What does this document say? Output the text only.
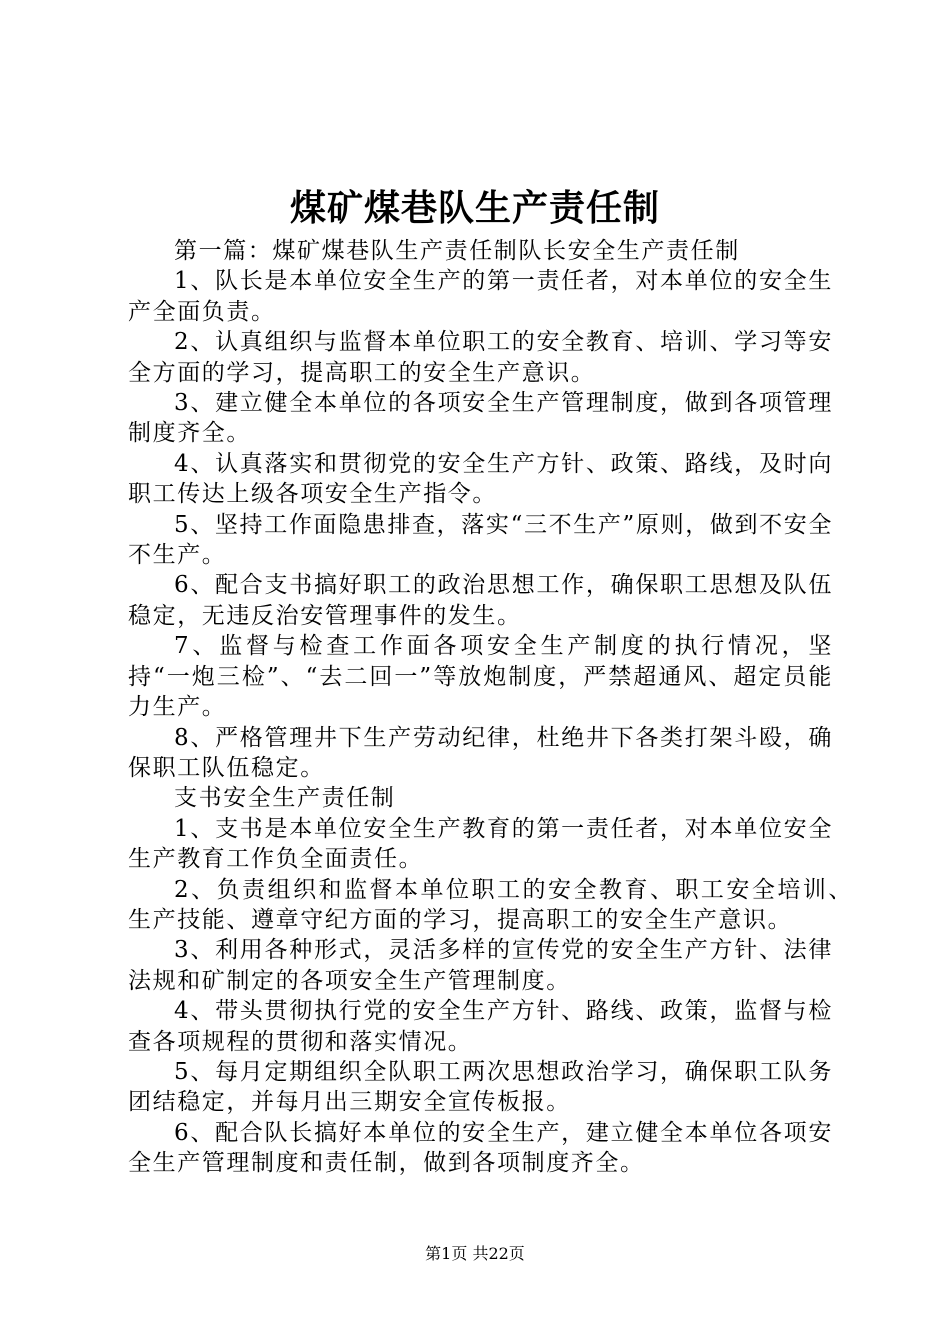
煤矿煤巷队生产责任制

第一篇：煤矿煤巷队生产责任制队长安全生产责任制

1、队长是本单位安全生产的第一责任者，对本单位的安全生产全面负责。

2、认真组织与监督本单位职工的安全教育、培训、学习等安全方面的学习，提高职工的安全生产意识。

3、建立健全本单位的各项安全生产管理制度，做到各项管理制度齐全。

4、认真落实和贯彻党的安全生产方针、政策、路线，及时向职工传达上级各项安全生产指令。

5、坚持工作面隐患排查，落实“三不生产”原则，做到不安全不生产。

6、配合支书搞好职工的政治思想工作，确保职工思想及队伍稳定，无违反治安管理事件的发生。

7、监督与检查工作面各项安全生产制度的执行情况，坚持“一炮三检”、“去二回一”等放炮制度，严禁超通风、超定员能力生产。

8、严格管理井下生产劳动纪律，杜绝井下各类打架斗殴，确保职工队伍稳定。

支书安全生产责任制

1、支书是本单位安全生产教育的第一责任者，对本单位安全生产教育工作负全面责任。

2、负责组织和监督本单位职工的安全教育、职工安全培训、生产技能、遵章守纪方面的学习，提高职工的安全生产意识。

3、利用各种形式，灵活多样的宣传党的安全生产方针、法律法规和矿制定的各项安全生产管理制度。

4、带头贯彻执行党的安全生产方针、路线、政策，监督与检查各项规程的贯彻和落实情况。

5、每月定期组织全队职工两次思想政治学习，确保职工队务团结稳定，并每月出三期安全宣传板报。

6、配合队长搞好本单位的安全生产，建立健全本单位各项安全生产管理制度和责任制，做到各项制度齐全。

第1页 共22页
